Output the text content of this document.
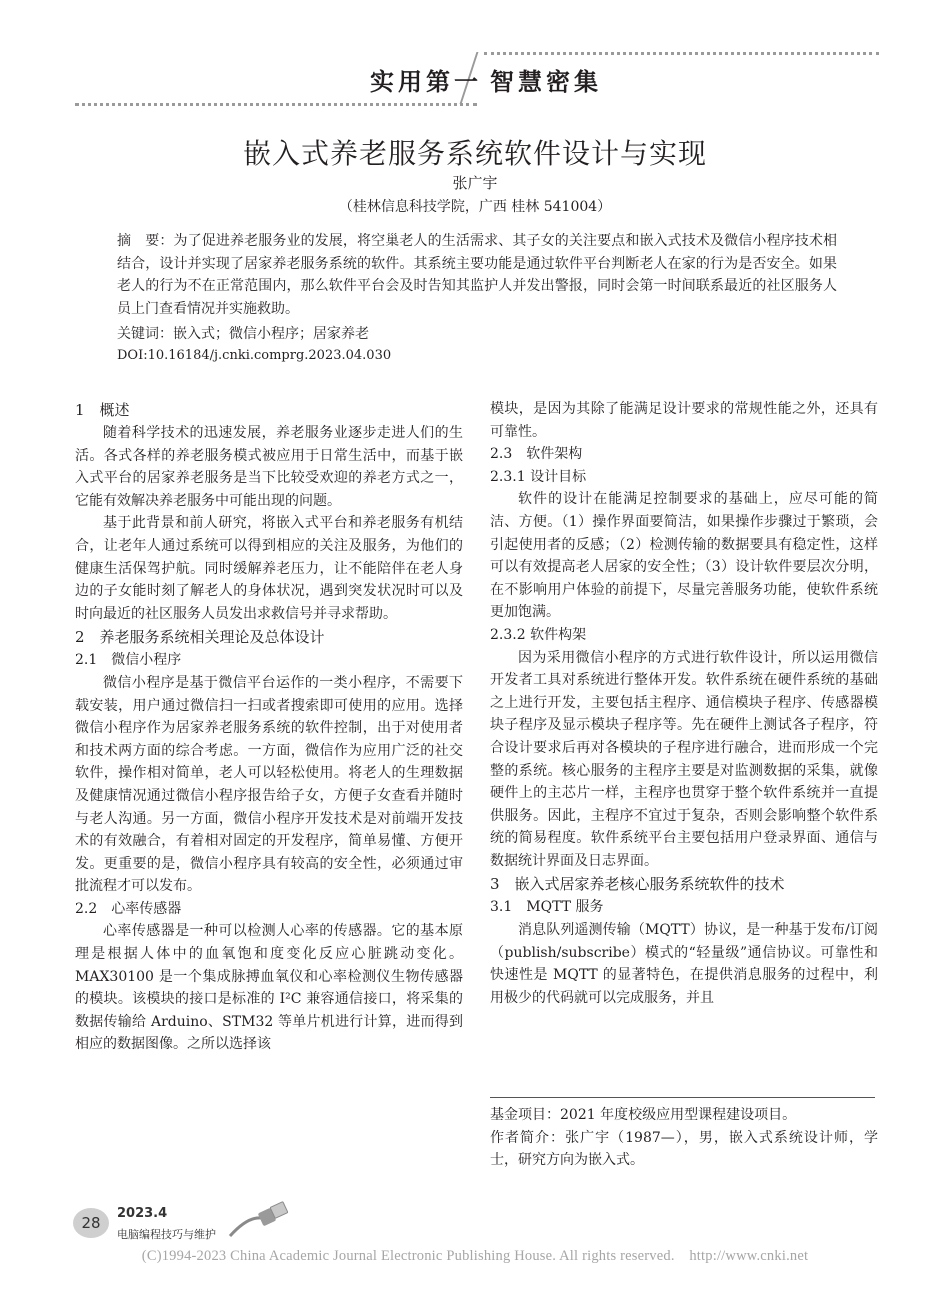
实用第一 智慧密集
嵌入式养老服务系统软件设计与实现
张广宇
（桂林信息科技学院，广西 桂林 541004）
摘　要：为了促进养老服务业的发展，将空巢老人的生活需求、其子女的关注要点和嵌入式技术及微信小程序技术相结合，设计并实现了居家养老服务系统的软件。其系统主要功能是通过软件平台判断老人在家的行为是否安全。如果老人的行为不在正常范围内，那么软件平台会及时告知其监护人并发出警报，同时会第一时间联系最近的社区服务人员上门查看情况并实施救助。
关键词：嵌入式；微信小程序；居家养老
DOI:10.16184/j.cnki.comprg.2023.04.030

1　概述

随着科学技术的迅速发展，养老服务业逐步走进人们的生活。各式各样的养老服务模式被应用于日常生活中，而基于嵌入式平台的居家养老服务是当下比较受欢迎的养老方式之一，它能有效解决养老服务中可能出现的问题。

基于此背景和前人研究，将嵌入式平台和养老服务有机结合，让老年人通过系统可以得到相应的关注及服务，为他们的健康生活保驾护航。同时缓解养老压力，让不能陪伴在老人身边的子女能时刻了解老人的身体状况，遇到突发状况时可以及时向最近的社区服务人员发出求救信号并寻求帮助。

2　养老服务系统相关理论及总体设计

2.1　微信小程序

微信小程序是基于微信平台运作的一类小程序，不需要下载安装，用户通过微信扫一扫或者搜索即可使用的应用。选择微信小程序作为居家养老服务系统的软件控制，出于对使用者和技术两方面的综合考虑。一方面，微信作为应用广泛的社交软件，操作相对简单，老人可以轻松使用。将老人的生理数据及健康情况通过微信小程序报告给子女，方便子女查看并随时与老人沟通。另一方面，微信小程序开发技术是对前端开发技术的有效融合，有着相对固定的开发程序，简单易懂、方便开发。更重要的是，微信小程序具有较高的安全性，必须通过审批流程才可以发布。

2.2　心率传感器

心率传感器是一种可以检测人心率的传感器。它的基本原理是根据人体中的血氧饱和度变化反应心脏跳动变化。MAX30100 是一个集成脉搏血氧仪和心率检测仪生物传感器的模块。该模块的接口是标准的 I²C 兼容通信接口，将采集的数据传输给 Arduino、STM32 等单片机进行计算，进而得到相应的数据图像。之所以选择该

模块，是因为其除了能满足设计要求的常规性能之外，还具有可靠性。

2.3　软件架构

2.3.1 设计目标

软件的设计在能满足控制要求的基础上，应尽可能的简洁、方便。（1）操作界面要简洁，如果操作步骤过于繁琐，会引起使用者的反感；（2）检测传输的数据要具有稳定性，这样可以有效提高老人居家的安全性；（3）设计软件要层次分明，在不影响用户体验的前提下，尽量完善服务功能，使软件系统更加饱满。

2.3.2 软件构架

因为采用微信小程序的方式进行软件设计，所以运用微信开发者工具对系统进行整体开发。软件系统在硬件系统的基础之上进行开发，主要包括主程序、通信模块子程序、传感器模块子程序及显示模块子程序等。先在硬件上测试各子程序，符合设计要求后再对各模块的子程序进行融合，进而形成一个完整的系统。核心服务的主程序主要是对监测数据的采集，就像硬件上的主芯片一样，主程序也贯穿于整个软件系统并一直提供服务。因此，主程序不宜过于复杂，否则会影响整个软件系统的简易程度。软件系统平台主要包括用户登录界面、通信与数据统计界面及日志界面。

3　嵌入式居家养老核心服务系统软件的技术

3.1　MQTT 服务

消息队列遥测传输（MQTT）协议，是一种基于发布/订阅（publish/subscribe）模式的“轻量级”通信协议。可靠性和快速性是 MQTT 的显著特色，在提供消息服务的过程中，利用极少的代码就可以完成服务，并且

基金项目：2021 年度校级应用型课程建设项目。

作者简介：张广宇（1987—），男，嵌入式系统设计师，学士，研究方向为嵌入式。

28
2023.4
电脑编程技巧与维护
(C)1994-2023 China Academic Journal Electronic Publishing House. All rights reserved.　http://www.cnki.net
